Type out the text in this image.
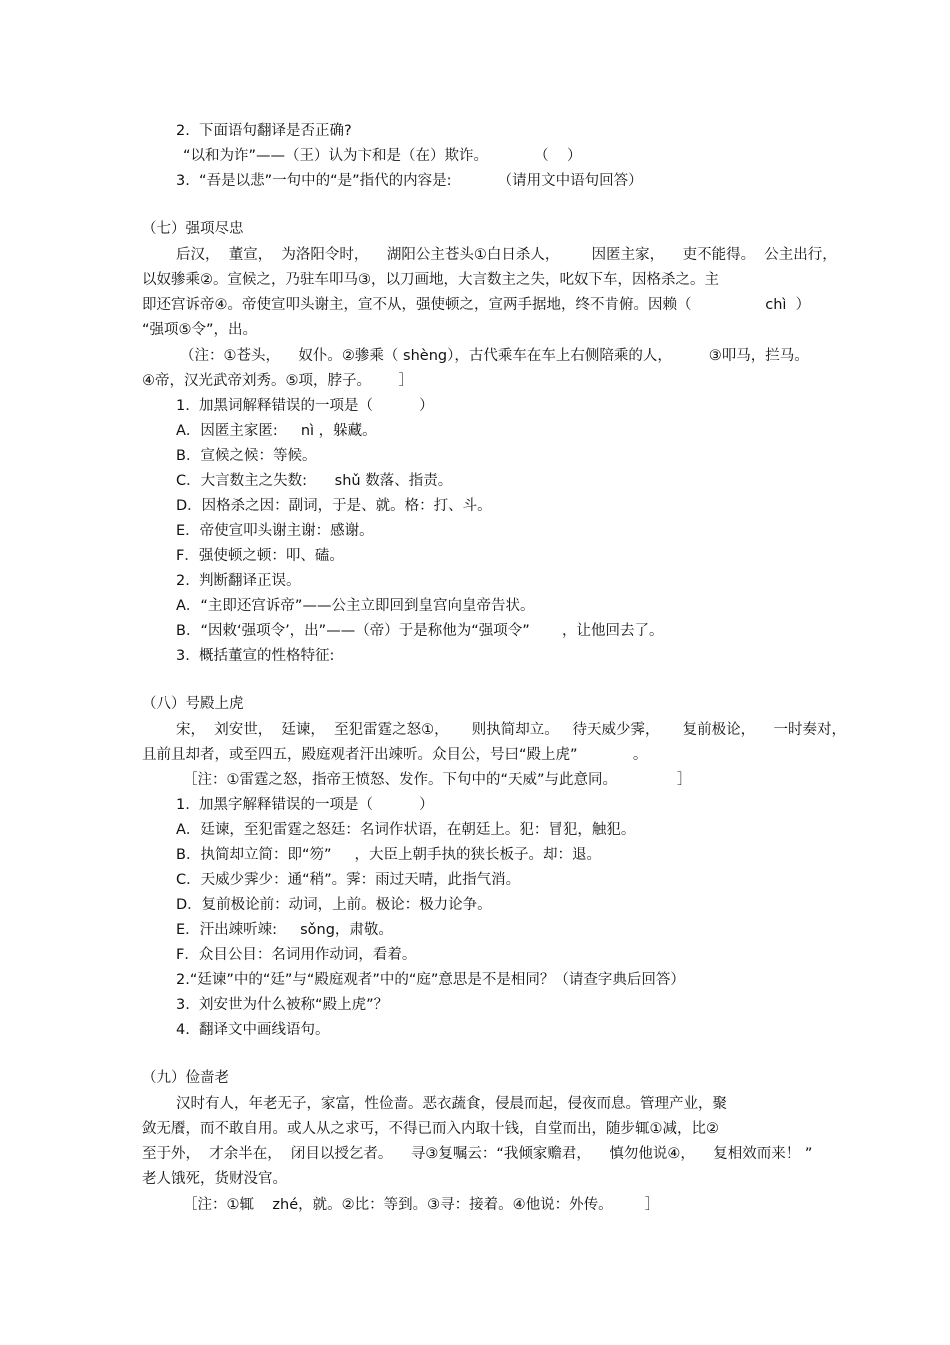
2.  下面语句翻译是否正确?
“以和为诈”——（王）认为卞和是（在）欺诈。          （    ）
3.  “吾是以悲”一句中的“是”指代的内容是:          （请用文中语句回答）
（七）强项尽忠
后汉，  董宣，  为洛阳令时，    湖阳公主苍头①白日杀人，       因匿主家，    吏不能得。  公主出行，
以奴骖乘②。宣候之，乃驻车叩马③，以刀画地，大言数主之失，叱奴下车，因格杀之。主
即还宫诉帝④。帝使宣叩头谢主，宣不从，强使顿之，宣两手据地，终不肯俯。因赖（                chì  ）
“强项⑤令”，出。
（注：①苍头，    奴仆。②骖乘（ shèng），古代乘车在车上右侧陪乘的人，        ③叩马，拦马。
④帝，汉光武帝刘秀。⑤项，脖子。      ］
1.  加黑词解释错误的一项是（          ）
A．因匿主家匿:     nì ，躲藏。
B．宣候之候：等候。
C．大言数主之失数:      shǔ 数落、指责。
D．因格杀之因：副词，于是、就。格：打、斗。
E．帝使宣叩头谢主谢：感谢。
F．强使顿之顿：叩、磕。
2.  判断翻译正误。
A．“主即还宫诉帝”——公主立即回到皇宫向皇帝告状。
B．“因敕‘强项令’，出”——（帝）于是称他为“强项令”       ，让他回去了。
3.  概括董宣的性格特征:
（八）号殿上虎
宋，  刘安世，  廷谏，  至犯雷霆之怒①，     则执简却立。   待天威少霁，     复前极论，    一时奏对，
且前且却者，或至四五，殿庭观者汗出竦听。众目公，号曰“殿上虎”            。
［注：①雷霆之怒，指帝王愤怒、发作。下句中的“天威”与此意同。             ］
1.  加黑字解释错误的一项是（          ）
A．廷谏，至犯雷霆之怒廷：名词作状语，在朝廷上。犯：冒犯，触犯。
B．执简却立简：即“笏”     ，大臣上朝手执的狭长板子。却：退。
C．天威少霁少：通“稍”。霁：雨过天晴，此指气消。
D．复前极论前：动词，上前。极论：极力论争。
E．汗出竦听竦:     sǒng，肃敬。
F．众目公目：名词用作动词，看着。
2.“廷谏”中的“廷”与“殿庭观者”中的“庭”意思是不是相同？（请查字典后回答）
3.  刘安世为什么被称“殿上虎”？
4.  翻译文中画线语句。
（九）俭啬老
汉时有人，年老无子，家富，性俭啬。恶衣蔬食，侵晨而起，侵夜而息。管理产业，聚
敛无餍，而不敢自用。或人从之求丐，不得已而入内取十钱，自堂而出，随步辄①减，比②
至于外，  才余半在，  闭目以授乞者。    寻③复嘱云：“我倾家赡君，    慎勿他说④，    复相效而来！ ”
老人饿死，货财没官。
［注：①辄    zhé，就。②比：等到。③寻：接着。④他说：外传。       ］
